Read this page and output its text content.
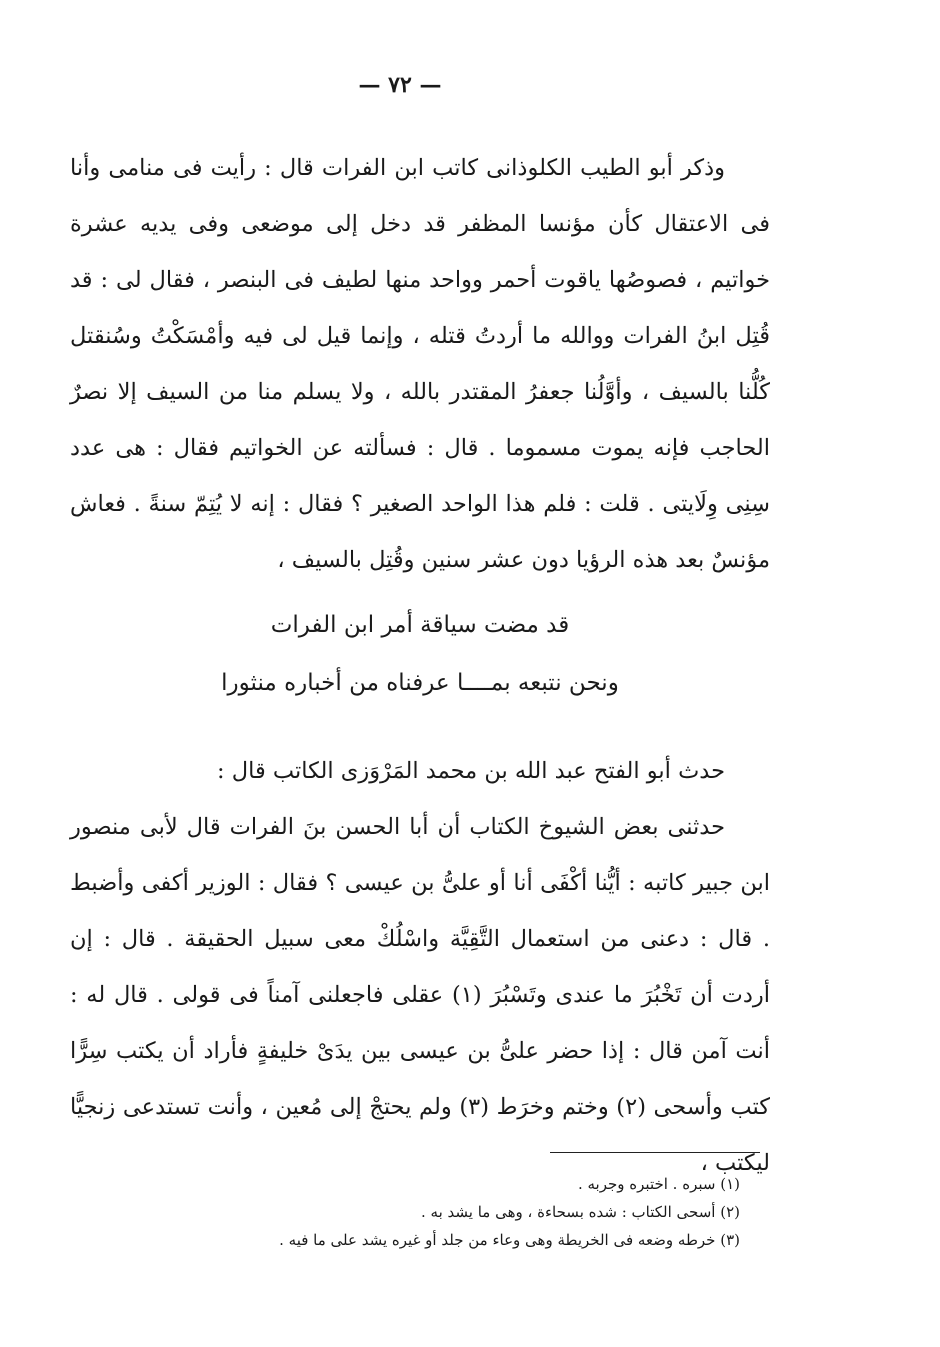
— ٧٢ —

وذكر أبو الطيب الكلوذانى كاتب ابن الفرات قال : رأيت فى منامى وأنا فى الاعتقال كأن مؤنسا المظفر قد دخل إلى موضعى وفى يديه عشرة خواتيم ، فصوصُها ياقوت أحمر وواحد منها لطيف فى البنصر ، فقال لى : قد قُتِل ابنُ الفرات ووالله ما أردتُ قتله ، وإنما قيل لى فيه وأمْسَكْتُ وسُنقتل كُلُّنا بالسيف ، وأوَّلُنا جعفرُ المقتدر بالله ، ولا يسلم منا من السيف إلا نصرٌ الحاجب فإنه يموت مسموما . قال : فسألته عن الخواتيم فقال : هى عدد سِنِى وِلَايتى . قلت : فلم هذا الواحد الصغير ؟ فقال : إنه لا يُتِمّ سنةً . فعاش مؤنسٌ بعد هذه الرؤيا دون عشر سنين وقُتِل بالسيف ،

قد مضت سياقة أمر ابن الفرات
ونحن نتبعه بمــــا عرفناه من أخباره منثورا
حدث أبو الفتح عبد الله بن محمد المَرْوَزى الكاتب قال :

حدثنى بعض الشيوخ الكتاب أن أبا الحسن بنَ الفرات قال لأبى منصور ابن جبير كاتبه : أيُّنا أكْفَى أنا أو علىُّ بن عيسى ؟ فقال : الوزير أكفى وأضبط . قال : دعنى من استعمال التَّقِيَّة واسْلُكْ معى سبيل الحقيقة . قال : إن أردت أن تَخْبُرَ ما عندى وتَسْبُرَ (١) عقلى فاجعلنى آمناً فى قولى . قال له : أنت آمن قال : إذا حضر علىُّ بن عيسى بين يدَىْ خليفةٍ فأراد أن يكتب سِرًّا كتب وأسحى (٢) وختم وخرَط (٣) ولم يحتجْ إلى مُعين ، وأنت تستدعى زنجيًّا ليكتب ،

(١) سبره . اختبره وجربه .
(٢) أسحى الكتاب : شده بسحاءة ، وهى ما يشد به .
(٣) خرطه وضعه فى الخريطة وهى وعاء من جلد أو غيره يشد على ما فيه .
